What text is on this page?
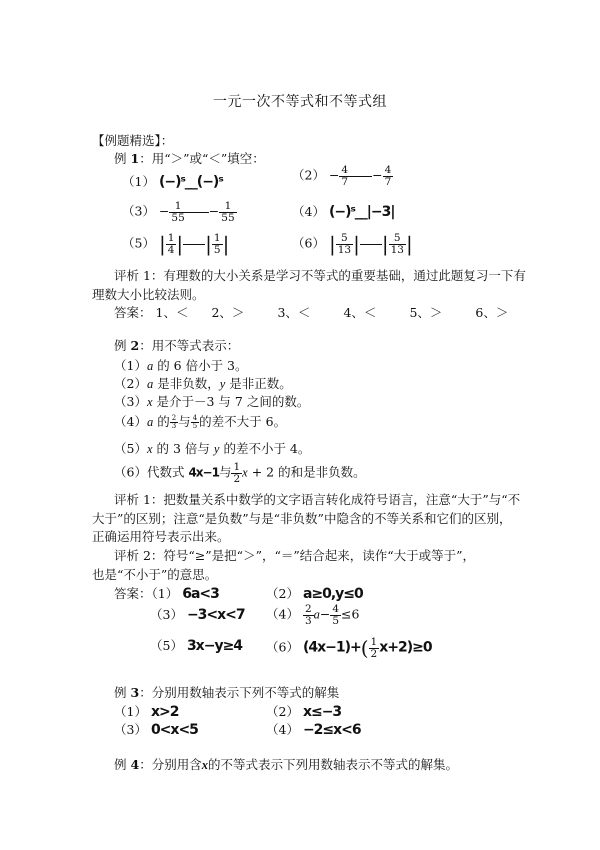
一元一次不等式和不等式组
【例题精选】：
例 1：用“＞”或“＜”填空：
（1） (−)ˢ__(−)ˢ	$(2) - \frac{4}{7} - \frac{4}{7}$
$(3) - \frac{1}{55} - \frac{1}{55}$	（4） (−)ˢ__|−3|
（5） | $\frac{1}{4}$ | | $\frac{1}{5}$ |	（6） | $\frac{5}{13}$ | | $\frac{5}{13}$ |
评析 1：有理数的大小关系是学习不等式的重要基础，通过此题复习一下有
理数大小比较法则。
答案： 1、＜ 2、＞	3、＜	4、＜	5、＞	6、＞
例 2：用不等式表示：
（1）a 的 6 倍小于 3。
（2）a 是非负数，y 是非正数。
（3）x 是介于－3 与 7 之间的数。
（4）a 的 $\frac{2}{3}$ 与 $\frac{4}{5}$ 的差不大于 6。
（5）x 的 3 倍与 y 的差不小于 4。
（6）代数式 4x−1与 $\frac{1}{2}$ x + 2 的和是非负数。
评析 1：把数量关系中数学的文字语言转化成符号语言，注意“大于”与“不
大于”的区别；注意“是负数”与是“非负数”中隐含的不等关系和它们的区别，
正确运用符号表示出来。
评析 2：符号“≥”是把“＞”，“＝”结合起来，读作“大于或等于”，
也是“不小于”的意思。
答案：（1） 6a<3	（2） a≥0,y≤0
（3） −3<x<7 $(4) \frac{2}{3} a- \frac{4}{5} \le 6$
（5） 3x−y≥4 （6） $(4x-1)+( \frac{1}{2} x+2)\ge 0$
例 3：分别用数轴表示下列不等式的解集
（1） x>2	（2） x≤−3
（3） 0<x<5	（4） −2≤x<6
例 4：分别用含x的不等式表示下列用数轴表示不等式的解集。
